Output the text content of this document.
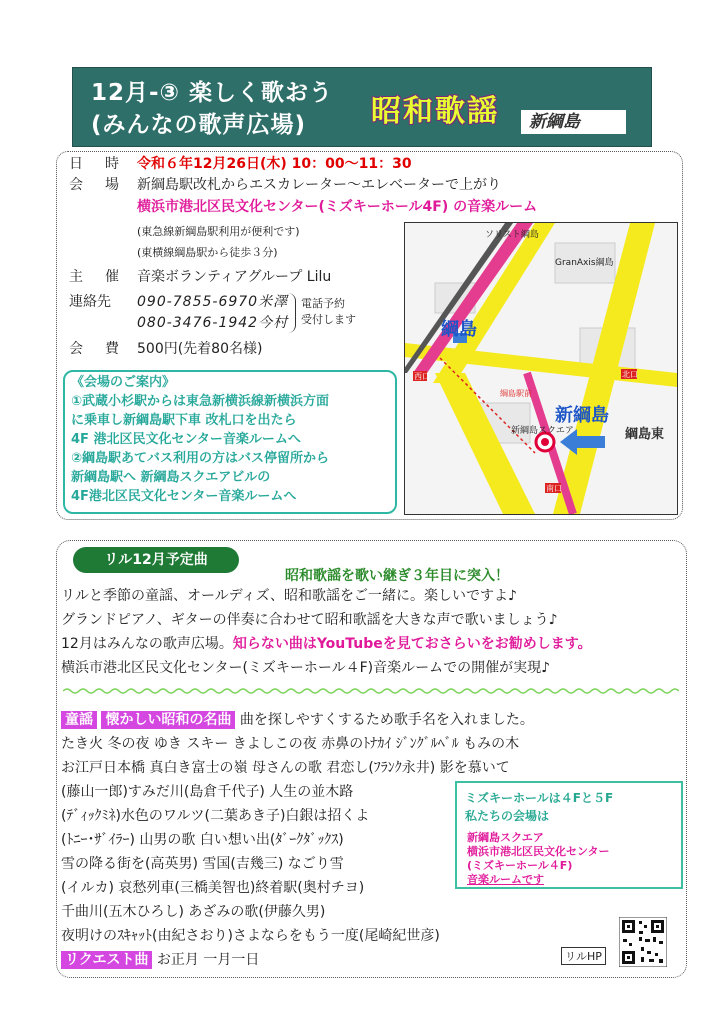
12月-③ 楽しく歌おう
(みんなの歌声広場) 昭和歌謡	新綱島
日　時 令和６年12月26日(木) 10：00〜11：30
会　場 新綱島駅改札からエスカレーター〜エレベーターで上がり
横浜市港北区民文化センター(ミズキーホール4F) の音楽ルーム
(東急線新綱島駅利用が便利です)
(東横線綱島駅から徒歩３分)
主　催 音楽ボランティアグループ Lilu
連絡先 090-7855-6970米澤
080-3476-1942今村
電話予約
受付します
会　費 500円(先着80名様)
《会場のご案内》
①武蔵小杉駅からは東急新横浜線新横浜方面
に乗車し新綱島駅下車 改札口を出たら
4F 港北区民文化センター音楽ルームへ
②綱島駅あてバス利用の方はバス停留所から
新綱島駅へ 新綱島スクエアビルの
4F港北区民文化センター音楽ルームへ
ソリスト綱島
GranAxis綱島
綱島
新綱島
綱島東
新綱島スクエア
北口
西口
南口
綱島駅前
リル12月予定曲
昭和歌謡を歌い継ぎ３年目に突入！
リルと季節の童謡、オールディズ、昭和歌謡をご一緒に。楽しいですよ♪
グランドピアノ、ギターの伴奏に合わせて昭和歌謡を大きな声で歌いましょう♪
12月はみんなの歌声広場。知らない曲はYouTubeを見ておさらいをお勧めします。
横浜市港北区民文化センター(ミズキーホール４F)音楽ルームでの開催が実現♪
童謡 懐かしい昭和の名曲 曲を探しやすくするため歌手名を入れました。
たき火 冬の夜 ゆき スキー きよしこの夜 赤鼻のﾄﾅｶｲ ｼﾞﾝｸﾞﾙﾍﾞﾙ もみの木
お江戸日本橋 真白き富士の嶺 母さんの歌 君恋し(ﾌﾗﾝｸ永井) 影を慕いて
(藤山一郎)すみだ川(島倉千代子) 人生の並木路
(ﾃﾞｨｯｸﾐﾈ)水色のワルツ(二葉あき子)白銀は招くよ
(ﾄﾆｰ･ｻﾞｲﾗｰ) 山男の歌 白い想い出(ﾀﾞｰｸﾀﾞｯｸｽ)
雪の降る街を(高英男) 雪国(吉幾三) なごり雪
(イルカ) 哀愁列車(三橋美智也)終着駅(奥村チヨ)
千曲川(五木ひろし) あざみの歌(伊藤久男)
夜明けのｽｷｬｯﾄ(由紀さおり)さよならをもう一度(尾崎紀世彦)
リクエスト曲 お正月 一月一日
ミズキーホールは４Fと５F
私たちの会場は
新綱島スクエア
横浜市港北区民文化センター
(ミズキーホール４F)
音楽ルームです
リルHP
